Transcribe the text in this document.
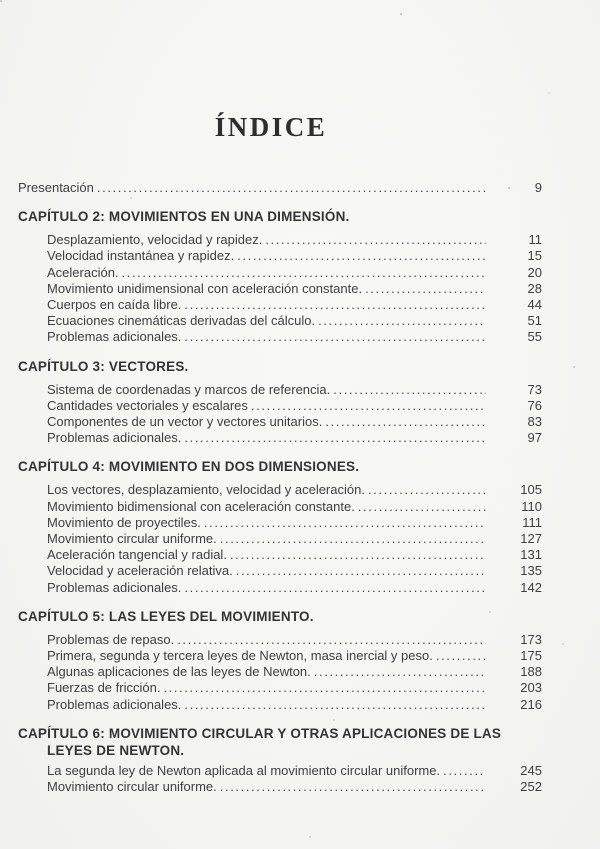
ÍNDICE
Presentación .....	9
CAPÍTULO 2: MOVIMIENTOS EN UNA DIMENSIÓN.
Desplazamiento, velocidad y rapidez. .....	11
Velocidad instantánea y rapidez. .....	15
Aceleración. .....	20
Movimiento unidimensional con aceleración constante. .....	28
Cuerpos en caída libre. .....	44
Ecuaciones cinemáticas derivadas del cálculo. .....	51
Problemas adicionales. .....	55
CAPÍTULO 3: VECTORES.
Sistema de coordenadas y marcos de referencia. .....	73
Cantidades vectoriales y escalares .....	76
Componentes de un vector y vectores unitarios. .....	83
Problemas adicionales. .....	97
CAPÍTULO 4: MOVIMIENTO EN DOS DIMENSIONES.
Los vectores, desplazamiento, velocidad y aceleración. .....	105
Movimiento bidimensional con aceleración constante. .....	110
Movimiento de proyectiles. .....	111
Movimiento circular uniforme. .....	127
Aceleración tangencial y radial. .....	131
Velocidad y aceleración relativa. .....	135
Problemas adicionales. .....	142
CAPÍTULO 5: LAS LEYES DEL MOVIMIENTO.
Problemas de repaso. .....	173
Primera, segunda y tercera leyes de Newton, masa inercial y peso. .....	175
Algunas aplicaciones de las leyes de Newton. .....	188
Fuerzas de fricción. .....	203
Problemas adicionales. .....	216
CAPÍTULO 6: MOVIMIENTO CIRCULAR Y OTRAS APLICACIONES DE LAS LEYES DE NEWTON.
La segunda ley de Newton aplicada al movimiento circular uniforme. .....	245
Movimiento circular uniforme. .....	252
